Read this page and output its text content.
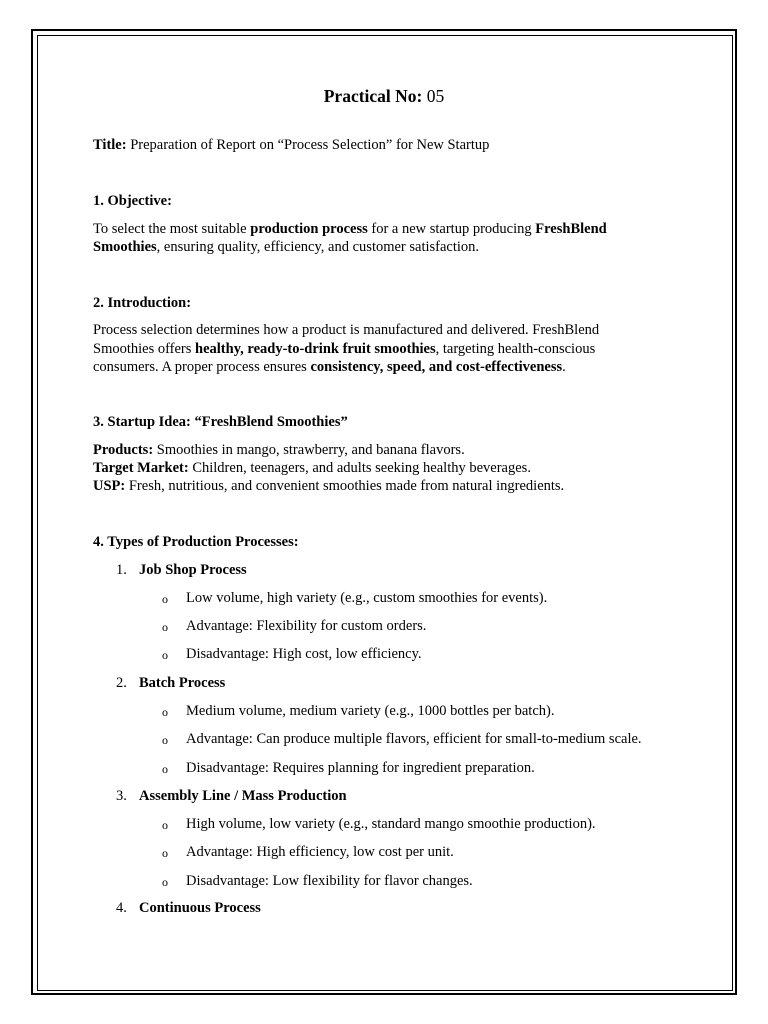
Practical No: 05
Title: Preparation of Report on “Process Selection” for New Startup
1. Objective:
To select the most suitable production process for a new startup producing FreshBlend
Smoothies, ensuring quality, efficiency, and customer satisfaction.
2. Introduction:
Process selection determines how a product is manufactured and delivered. FreshBlend
Smoothies offers healthy, ready-to-drink fruit smoothies, targeting health-conscious
consumers. A proper process ensures consistency, speed, and cost-effectiveness.
3. Startup Idea: “FreshBlend Smoothies”
Products: Smoothies in mango, strawberry, and banana flavors.
Target Market: Children, teenagers, and adults seeking healthy beverages.
USP: Fresh, nutritious, and convenient smoothies made from natural ingredients.
4. Types of Production Processes:
1. Job Shop Process
o Low volume, high variety (e.g., custom smoothies for events).
o Advantage: Flexibility for custom orders.
o Disadvantage: High cost, low efficiency.
2. Batch Process
o Medium volume, medium variety (e.g., 1000 bottles per batch).
o Advantage: Can produce multiple flavors, efficient for small-to-medium scale.
o Disadvantage: Requires planning for ingredient preparation.
3. Assembly Line / Mass Production
o High volume, low variety (e.g., standard mango smoothie production).
o Advantage: High efficiency, low cost per unit.
o Disadvantage: Low flexibility for flavor changes.
4. Continuous Process
